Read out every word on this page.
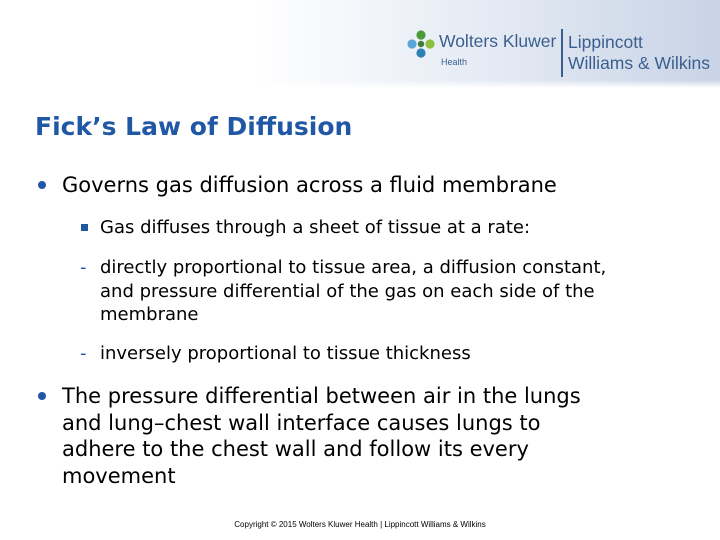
Wolters Kluwer
Health
Lippincott
Williams & Wilkins
Fick’s Law of Diffusion
Governs gas diffusion across a fluid membrane
Gas diffuses through a sheet of tissue at a rate:
- directly proportional to tissue area, a diffusion constant, and pressure differential of the gas on each side of the membrane
- inversely proportional to tissue thickness
The pressure differential between air in the lungs and lung–chest wall interface causes lungs to adhere to the chest wall and follow its every movement

Copyright © 2015 Wolters Kluwer Health | Lippincott Williams & Wilkins
